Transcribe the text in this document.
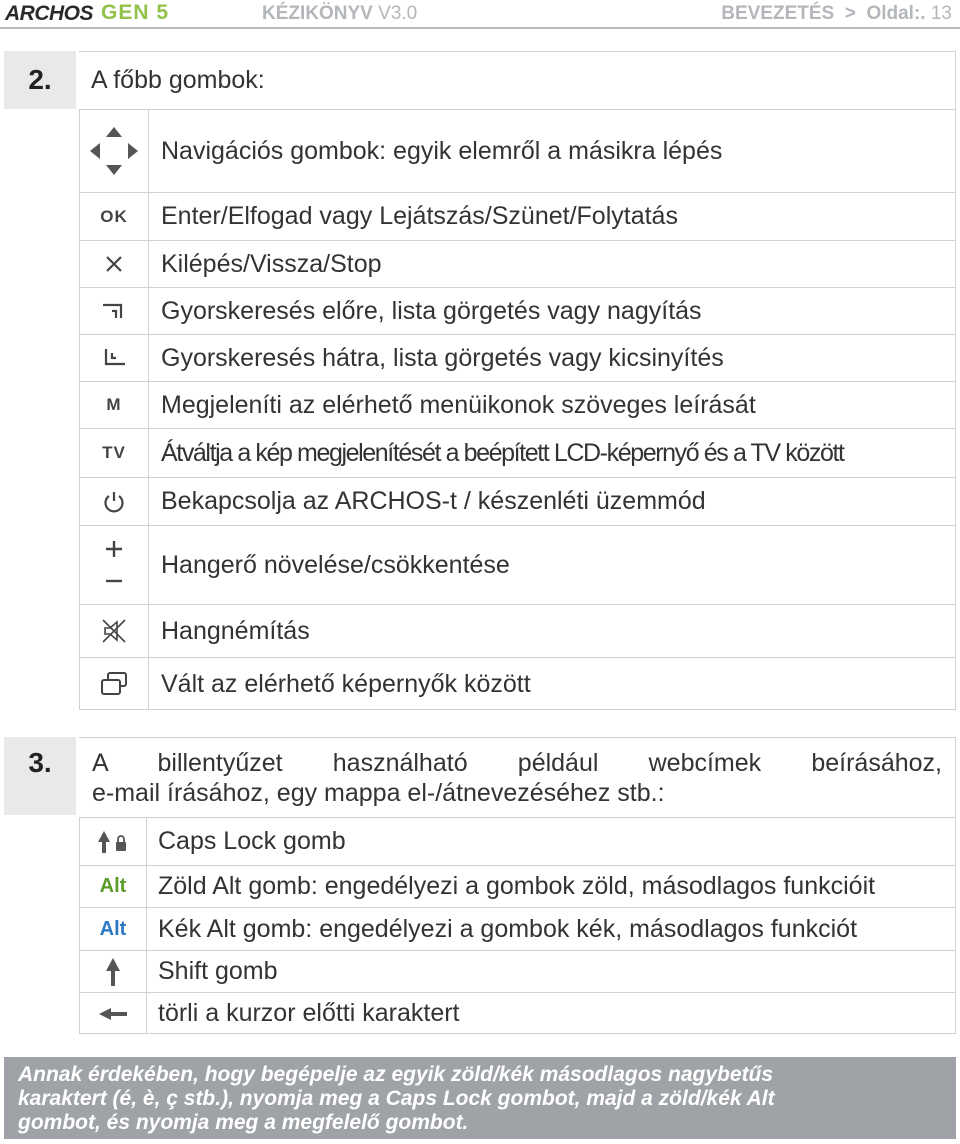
ARCHOS GEN 5	KÉZIKÖNYV V3.0	BEVEZETÉS > Oldal:. 13
2.	A főbb gombok:
Navigációs gombok: egyik elemről a másikra lépés
OK Enter/Elfogad vagy Lejátszás/Szünet/Folytatás
Kilépés/Vissza/Stop
Gyorskeresés előre, lista görgetés vagy nagyítás
Gyorskeresés hátra, lista görgetés vagy kicsinyítés
M Megjeleníti az elérhető menüikonok szöveges leírását
TV Átváltja a kép megjelenítését a beépített LCD-képernyő és a TV között
Bekapcsolja az ARCHOS-t / készenléti üzemmód
Hangerő növelése/csökkentése
Hangnémítás
Vált az elérhető képernyők között
3.	A billentyűzet használható például webcímek beírásához,
e-mail írásához, egy mappa el-/átnevezéséhez stb.:
Caps Lock gomb
Alt Zöld Alt gomb: engedélyezi a gombok zöld, másodlagos funkcióit
Alt Kék Alt gomb: engedélyezi a gombok kék, másodlagos funkciót
Shift gomb
törli a kurzor előtti karaktert
Annak érdekében, hogy begépelje az egyik zöld/kék másodlagos nagybetűs
karaktert (é, è, ç stb.), nyomja meg a Caps Lock gombot, majd a zöld/kék Alt
gombot, és nyomja meg a megfelelő gombot.
